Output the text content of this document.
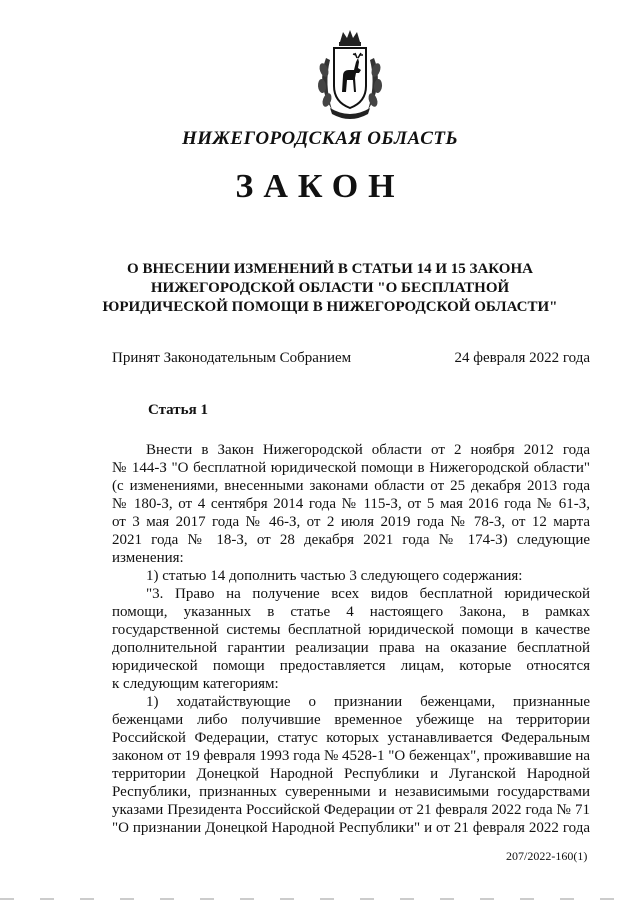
НИЖЕГОРОДСКАЯ ОБЛАСТЬ
ЗАКОН
О ВНЕСЕНИИ ИЗМЕНЕНИЙ В СТАТЬИ 14 И 15 ЗАКОНА
НИЖЕГОРОДСКОЙ ОБЛАСТИ "О БЕСПЛАТНОЙ
ЮРИДИЧЕСКОЙ ПОМОЩИ В НИЖЕГОРОДСКОЙ ОБЛАСТИ"
Принят Законодательным Собранием	24 февраля 2022 года
Статья 1
Внести в Закон Нижегородской области от 2 ноября 2012 года
№ 144-З "О бесплатной юридической помощи в Нижегородской области"
(с изменениями, внесенными законами области от 25 декабря 2013 года
№ 180-З, от 4 сентября 2014 года № 115-З, от 5 мая 2016 года № 61-З,
от 3 мая 2017 года № 46-З, от 2 июля 2019 года № 78-З, от 12 марта
2021 года № 18-З, от 28 декабря 2021 года № 174-З) следующие
изменения:
1) статью 14 дополнить частью 3 следующего содержания:
"3. Право на получение всех видов бесплатной юридической
помощи, указанных в статье 4 настоящего Закона, в рамках
государственной системы бесплатной юридической помощи в качестве
дополнительной гарантии реализации права на оказание бесплатной
юридической помощи предоставляется лицам, которые относятся
к следующим категориям:
1) ходатайствующие о признании беженцами, признанные
беженцами либо получившие временное убежище на территории
Российской Федерации, статус которых устанавливается Федеральным
законом от 19 февраля 1993 года № 4528-1 "О беженцах", проживавшие на
территории Донецкой Народной Республики и Луганской Народной
Республики, признанных суверенными и независимыми государствами
указами Президента Российской Федерации от 21 февраля 2022 года № 71
"О признании Донецкой Народной Республики" и от 21 февраля 2022 года
207/2022-160(1)
